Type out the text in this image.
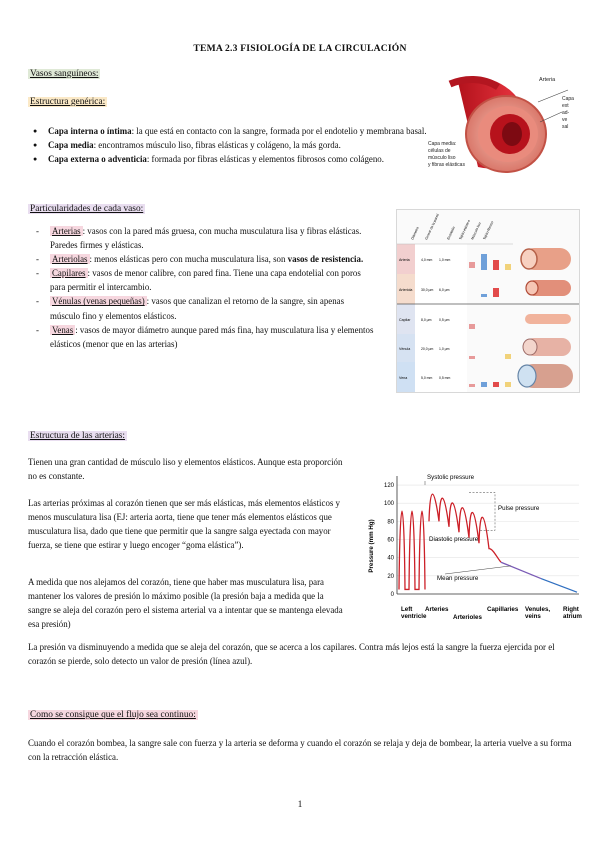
TEMA 2.3 FISIOLOGÍA DE LA CIRCULACIÓN
Vasos sanguíneos:
Estructura genérica:
● Capa interna o íntima: la que está en contacto con la sangre, formada por el endotelio y membrana basal.
● Capa media: encontramos músculo liso, fibras elásticas y colágeno, la más gorda.
● Capa externa o adventicia: formada por fibras elásticas y elementos fibrosos como colágeno.
Arteria
Capa
ext
ad-
ve
sal
Capa media:
células de
músculo liso
y fibras elásticas
Particularidades de cada vaso:
- Arterias : vasos con la pared más gruesa, con mucha musculatura lisa y fibras elásticas. Paredes firmes y elásticas.
- Arteriolas : menos elásticas pero con mucha musculatura lisa, son vasos de resistencia.
- Capilares : vasos de menor calibre, con pared fina. Tiene una capa endotelial con poros para permitir el intercambio.
- Vénulas (venas pequeñas) : vasos que canalizan el retorno de la sangre, sin apenas músculo fino y elementos elásticos.
- Venas : vasos de mayor diámetro aunque pared más fina, hay musculatura lisa y elementos elásticos (menor que en las arterias)
Diámetro Grosor de la pared Endotelio Tejido elástico Músculo liso Tejido fibroso
Arteria	4,0 mm 1,0 mm
Arteriola	30,0 µm 6,0 µm
Capilar	8,0 µm 0,5 µm
Vénula	20,0 µm 1,0 µm
Vena	5,0 mm 0,5 mm
Estructura de las arterias:
Tienen una gran cantidad de músculo liso y elementos elásticos. Aunque esta proporción no es constante.
Las arterias próximas al corazón tienen que ser más elásticas, más elementos elásticos y menos musculatura lisa (EJ: arteria aorta, tiene que tener más elementos elásticos que musculatura lisa, dado que tiene que permitir que la sangre salga eyectada con mayor fuerza, se tiene que estirar y luego encoger “goma elástica”).
A medida que nos alejamos del corazón, tiene que haber mas musculatura lisa, para mantener los valores de presión lo máximo posible (la presión baja a medida que la sangre se aleja del corazón pero el sistema arterial va a intentar que se mantenga elevada esa presión)
0
20
40
60
80
100
120
Pressure (mm Hg)
Systolic pressure
Pulse pressure
Diastolic pressure
Mean pressure
Left ventricle
Arteries
Arterioles
Capillaries Venules, veins
Right atrium
La presión va disminuyendo a medida que se aleja del corazón, que se acerca a los capilares. Contra más lejos está la sangre la fuerza ejercida por el corazón se pierde, solo detecto un valor de presión (línea azul).
Como se consigue que el flujo sea continuo:
Cuando el corazón bombea, la sangre sale con fuerza y la arteria se deforma y cuando el corazón se relaja y deja de bombear, la arteria vuelve a su forma con la retracción elástica.
1
